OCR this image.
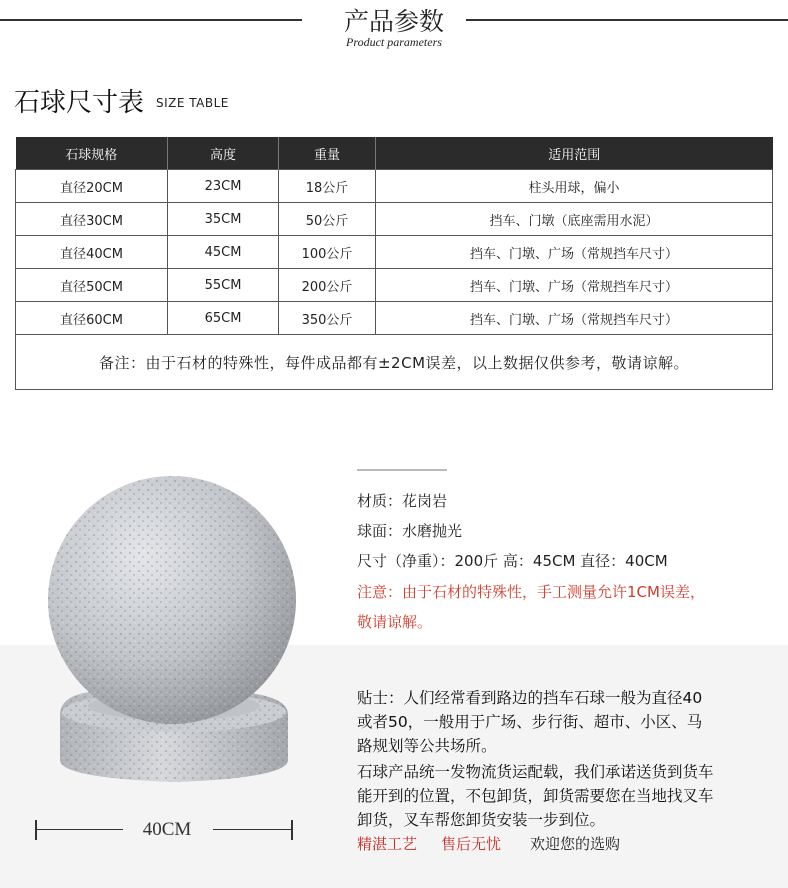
产品参数
Product parameters
石球尺寸表 SIZE TABLE
石球规格	高度	重量	适用范围
直径20CM	23CM	18公斤	柱头用球，偏小
直径30CM	35CM	50公斤	挡车、门墩（底座需用水泥）
直径40CM	45CM	100公斤	挡车、门墩、广场（常规挡车尺寸）
直径50CM	55CM	200公斤	挡车、门墩、广场（常规挡车尺寸）
直径60CM	65CM	350公斤	挡车、门墩、广场（常规挡车尺寸）
备注：由于石材的特殊性，每件成品都有±2CM误差，以上数据仅供参考，敬请谅解。			
40CM
材质：花岗岩
球面：水磨抛光
尺寸（净重）：200斤 高：45CM 直径：40CM
注意：由于石材的特殊性，手工测量允许1CM误差，
敬请谅解。
贴士：人们经常看到路边的挡车石球一般为直径40
或者50，一般用于广场、步行街、超市、小区、马
路规划等公共场所。
石球产品统一发物流货运配载，我们承诺送货到货车
能开到的位置，不包卸货，卸货需要您在当地找叉车
卸货，叉车帮您卸货安装一步到位。
精湛工艺 售后无忧 欢迎您的选购
